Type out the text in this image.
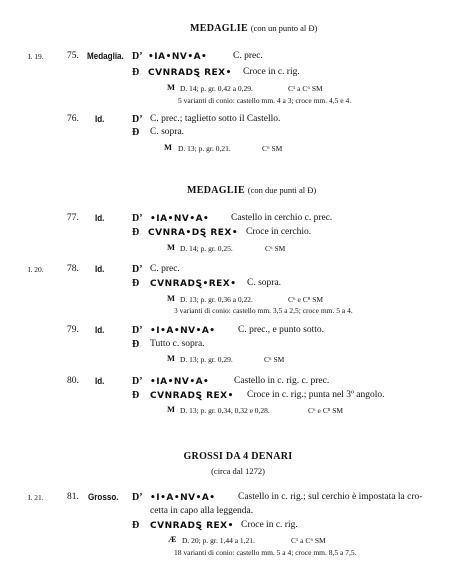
MEDAGLIE (con un punto al Đ)
I. 19. 75. Medaglia. D’ •IA•NV•A•	C. prec.
Đ CVNRADⱾ REX• Croce in c. rig.
M D. 14; p. gr. 0,42 a 0,29.	C¹ a C⁶ SM
5 varianti di conio: castello mm. 4 a 3; croce mm. 4,5 e 4.
76. Id.	D’ C. prec.; taglietto sotto il Castello.
Đ C. sopra.
M D. 13; p. gr. 0,21.	C⁶ SM
MEDAGLIE (con due punti al Đ)
77. Id.	D’ •IA•NV•A• Castello in cerchio c. prec.
Đ CVNRA•DⱾ REX• Croce in cerchio.
M D. 14; p. gr. 0,25.	C⁶ SM
I. 20. 78. Id.	D’ C. prec.
Đ CVNRADⱾ•REX• C. sopra.
M D. 13; p. gr. 0,36 a 0,22.	C⁶ e C⁸ SM
3 varianti di conio: castello mm. 3,5 a 2,5; croce mm. 5 a 4.
79. Id.	D’ •I•A•NV•A• C. prec., e punto sotto.
Đ Tutto c. sopra.
M D. 13; p. gr. 0,29.	C⁶ SM
80. Id.	D’ •IA•NV•A•	Castello in c. rig. c. prec.
Đ CVNRADⱾ REX• Croce in c. rig.; punta nel 3º angolo.
M D. 13; p. gr. 0,34, 0,32 e 0,28.	C⁶ e C⁸ SM
GROSSI DA 4 DENARI
(circa dal 1272)
I. 21. 81. Grosso. D’ •I•A•NV•A• Castello in c. rig.; sul cerchio è impostata la cro-
cetta in capo alla leggenda.
Đ CVNRADⱾ REX• Croce in c. rig.
Æ D. 20; p. gr. 1,44 a 1,21.	C¹ a C⁶ SM
18 varianti di conio: castello mm. 5 a 4; croce mm. 8,5 a 7,5.
